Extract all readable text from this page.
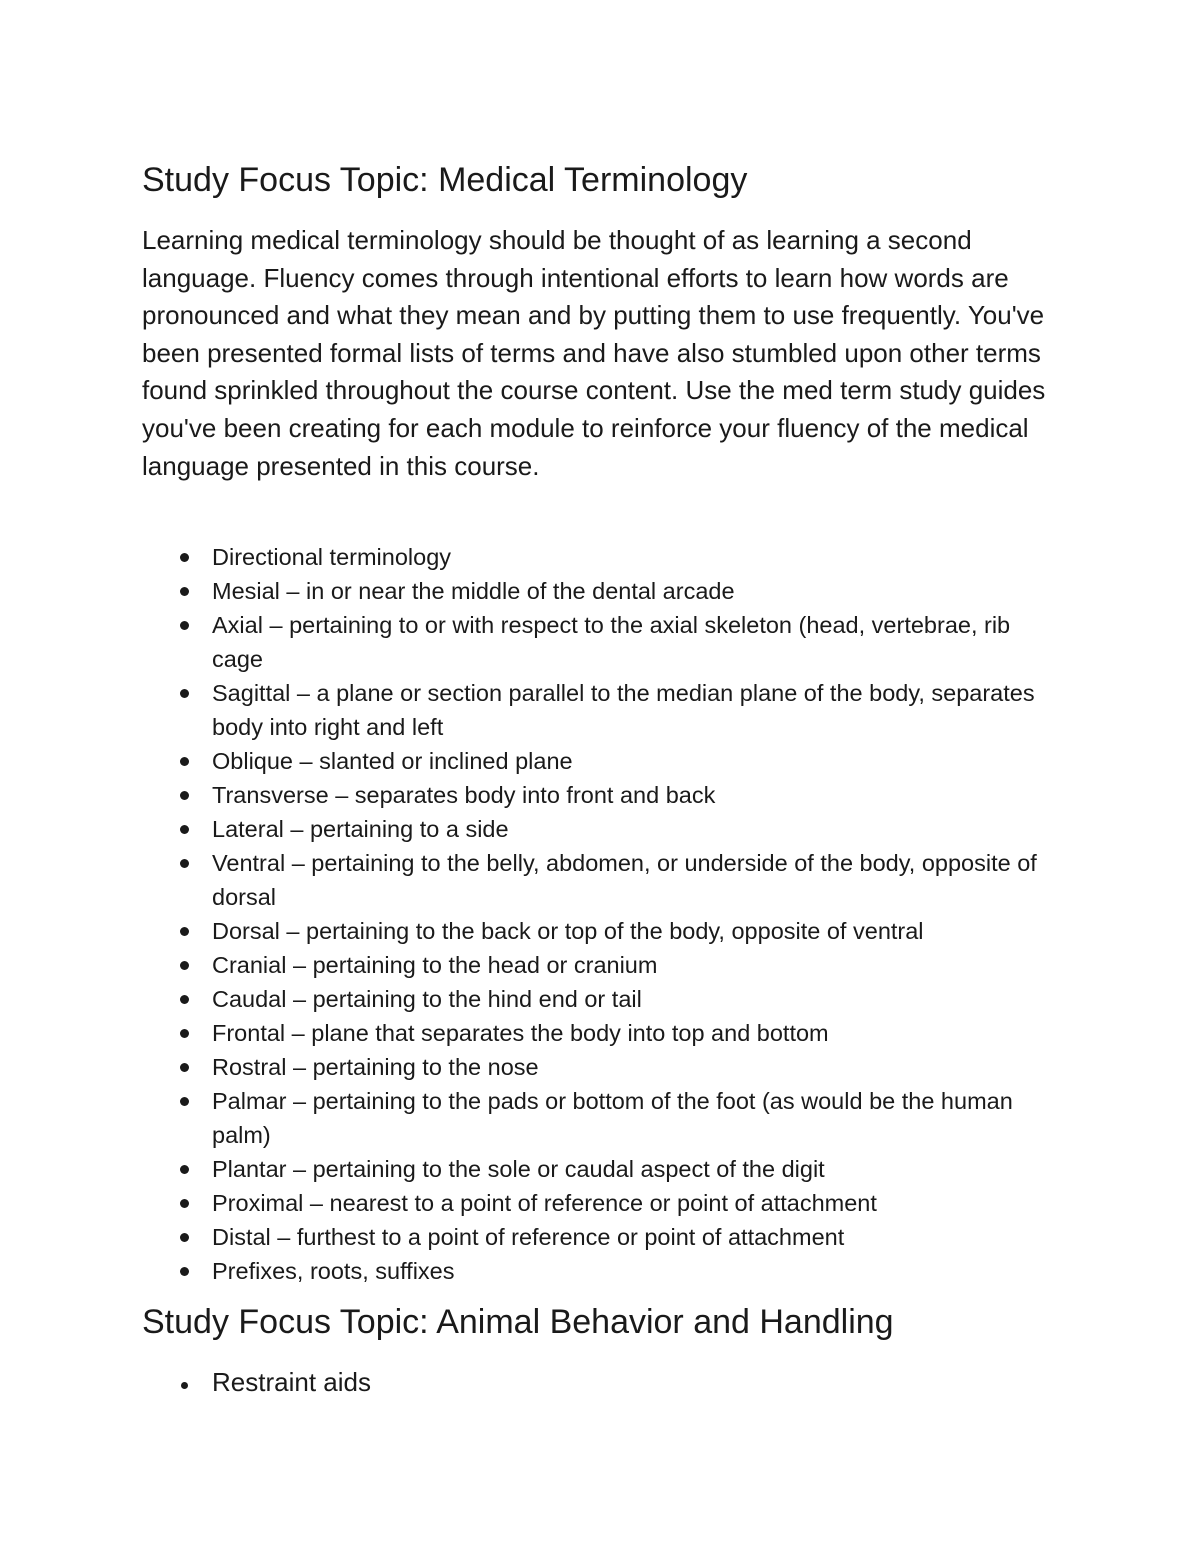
Study Focus Topic: Medical Terminology

Learning medical terminology should be thought of as learning a second language. Fluency comes through intentional efforts to learn how words are pronounced and what they mean and by putting them to use frequently. You've been presented formal lists of terms and have also stumbled upon other terms found sprinkled throughout the course content. Use the med term study guides you've been creating for each module to reinforce your fluency of the medical language presented in this course.

Directional terminology
Mesial – in or near the middle of the dental arcade
Axial – pertaining to or with respect to the axial skeleton (head, vertebrae, rib cage
Sagittal – a plane or section parallel to the median plane of the body, separates body into right and left
Oblique – slanted or inclined plane
Transverse – separates body into front and back
Lateral – pertaining to a side
Ventral – pertaining to the belly, abdomen, or underside of the body, opposite of dorsal
Dorsal – pertaining to the back or top of the body, opposite of ventral
Cranial – pertaining to the head or cranium
Caudal – pertaining to the hind end or tail
Frontal – plane that separates the body into top and bottom
Rostral – pertaining to the nose
Palmar – pertaining to the pads or bottom of the foot (as would be the human palm)
Plantar – pertaining to the sole or caudal aspect of the digit
Proximal – nearest to a point of reference or point of attachment
Distal – furthest to a point of reference or point of attachment
Prefixes, roots, suffixes
Study Focus Topic: Animal Behavior and Handling
Restraint aids
